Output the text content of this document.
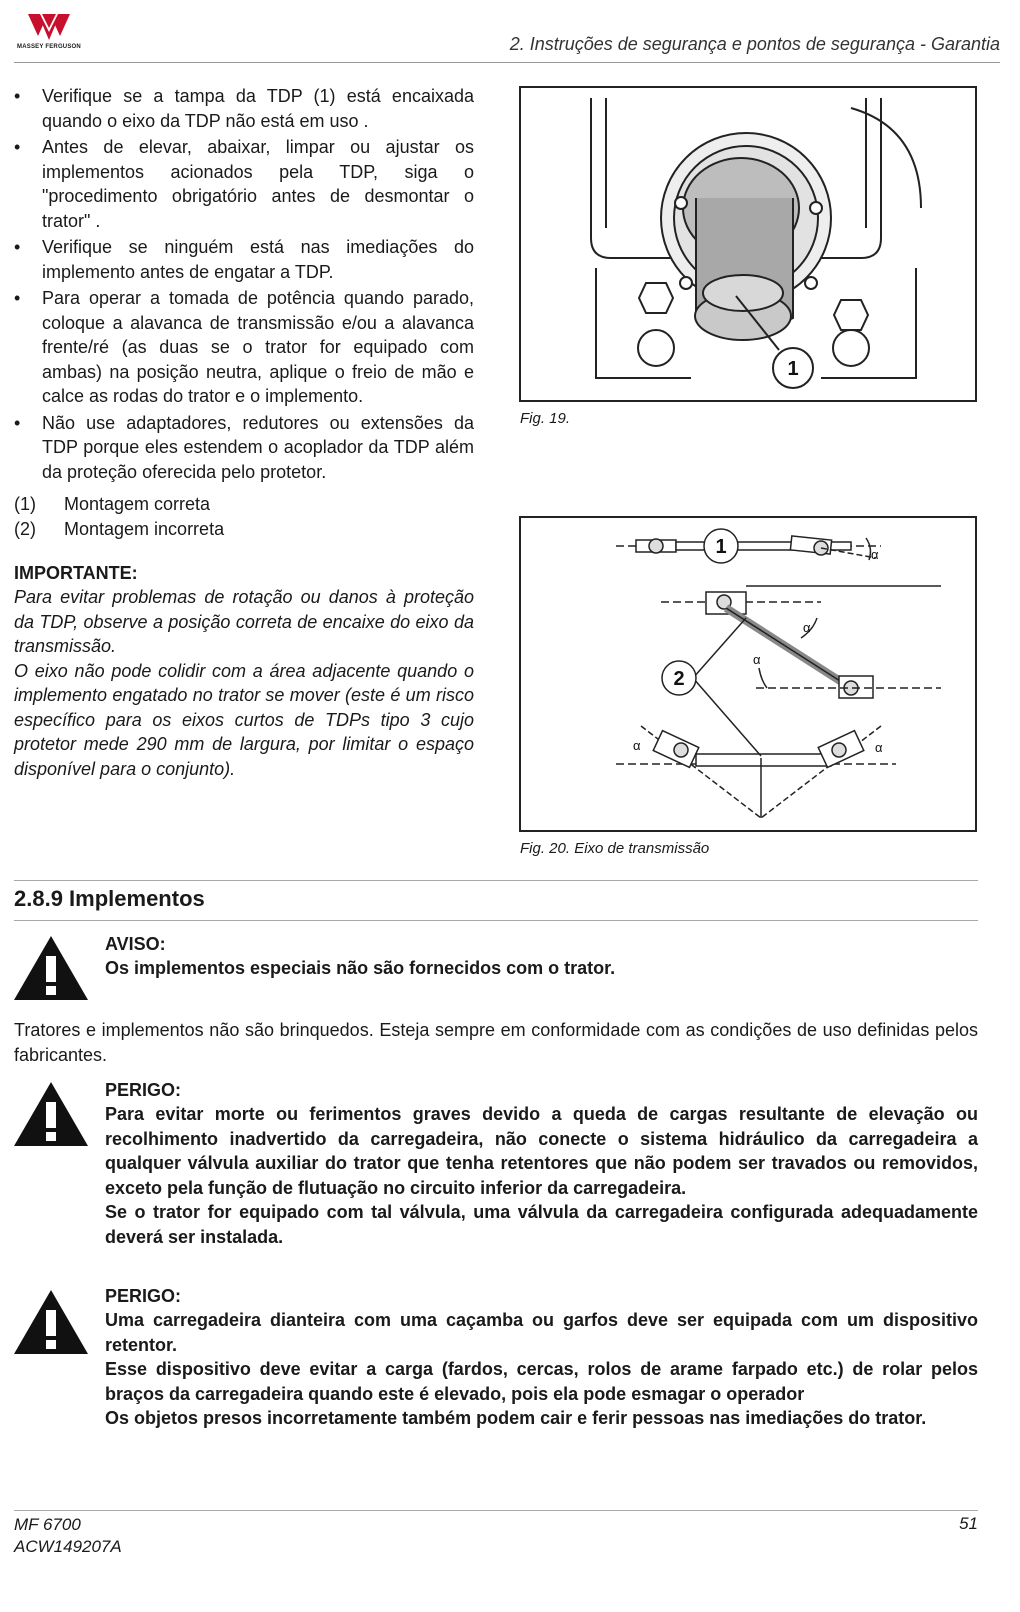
MASSEY FERGUSON	2. Instruções de segurança e pontos de segurança - Garantia
• Verifique se a tampa da TDP (1) está encaixada quando o eixo da TDP não está em uso .
• Antes de elevar, abaixar, limpar ou ajustar os implementos acionados pela TDP, siga o "procedimento obrigatório antes de desmontar o trator" .
• Verifique se ninguém está nas imediações do implemento antes de engatar a TDP.
• Para operar a tomada de potência quando parado, coloque a alavanca de transmissão e/ou a alavanca frente/ré (as duas se o trator for equipado com ambas) na posição neutra, aplique o freio de mão e calce as rodas do trator e o implemento.
• Não use adaptadores, redutores ou extensões da TDP porque eles estendem o acoplador da TDP além da proteção oferecida pelo protetor.
(1)	Montagem correta
(2)	Montagem incorreta
IMPORTANTE:
Para evitar problemas de rotação ou danos à proteção da TDP, observe a posição correta de encaixe do eixo da transmissão.
O eixo não pode colidir com a área adjacente quando o implemento engatado no trator se mover (este é um risco específico para os eixos curtos de TDPs tipo 3 cujo protetor mede 290 mm de largura, por limitar o espaço disponível para o conjunto).
1
Fig. 19.
1
2
α
α
α
α	α
Fig. 20. Eixo de transmissão
2.8.9 Implementos
AVISO:
Os implementos especiais não são fornecidos com o trator.
Tratores e implementos não são brinquedos. Esteja sempre em conformidade com as condições de uso definidas pelos fabricantes.
PERIGO:
Para evitar morte ou ferimentos graves devido a queda de cargas resultante de elevação ou recolhimento inadvertido da carregadeira, não conecte o sistema hidráulico da carregadeira a qualquer válvula auxiliar do trator que tenha retentores que não podem ser travados ou removidos, exceto pela função de flutuação no circuito inferior da carregadeira.
Se o trator for equipado com tal válvula, uma válvula da carregadeira configurada adequadamente deverá ser instalada.
PERIGO:
Uma carregadeira dianteira com uma caçamba ou garfos deve ser equipada com um dispositivo retentor.
Esse dispositivo deve evitar a carga (fardos, cercas, rolos de arame farpado etc.) de rolar pelos braços da carregadeira quando este é elevado, pois ela pode esmagar o operador
Os objetos presos incorretamente também podem cair e ferir pessoas nas imediações do trator.
MF 6700
ACW149207A
51
